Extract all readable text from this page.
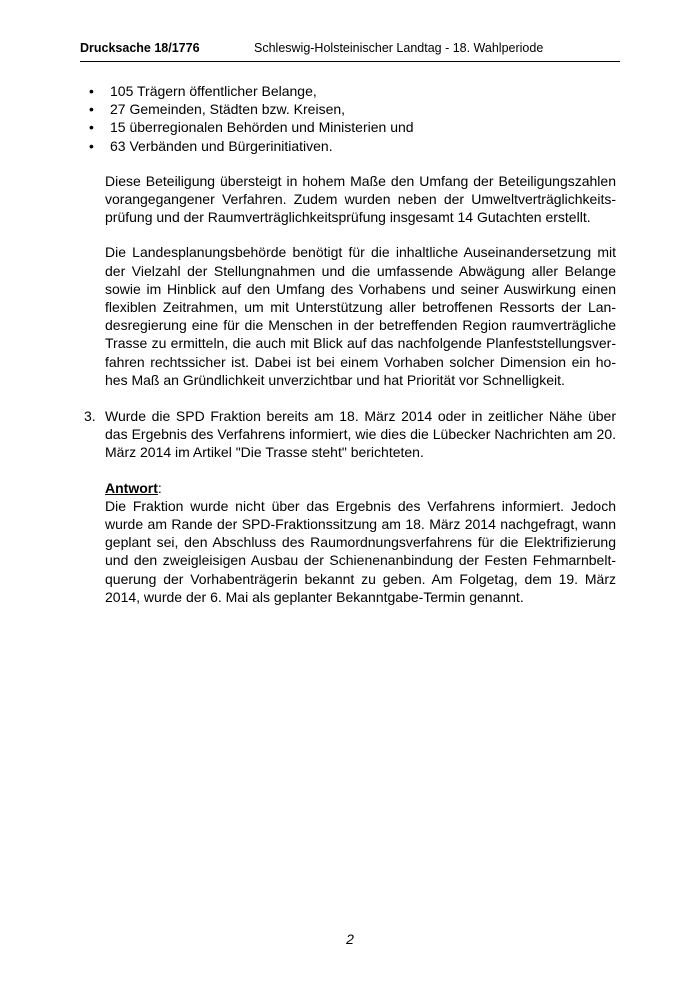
Drucksache 18/1776	Schleswig-Holsteinischer Landtag - 18. Wahlperiode
• 105 Trägern öffentlicher Belange,
• 27 Gemeinden, Städten bzw. Kreisen,
• 15 überregionalen Behörden und Ministerien und
• 63 Verbänden und Bürgerinitiativen.

Diese Beteiligung übersteigt in hohem Maße den Umfang der Beteiligungszahlen vorangegangener Verfahren. Zudem wurden neben der Umweltverträglichkeits- prüfung und der Raumverträglichkeitsprüfung insgesamt 14 Gutachten erstellt.

Die Landesplanungsbehörde benötigt für die inhaltliche Auseinandersetzung mit der Vielzahl der Stellungnahmen und die umfassende Abwägung aller Belange sowie im Hinblick auf den Umfang des Vorhabens und seiner Auswirkung einen flexiblen Zeitrahmen, um mit Unterstützung aller betroffenen Ressorts der Lan-desregierung eine für die Menschen in der betreffenden Region raumverträgliche Trasse zu ermitteln, die auch mit Blick auf das nachfolgende Planfeststellungsver-fahren rechtssicher ist. Dabei ist bei einem Vorhaben solcher Dimension ein ho-hes Maß an Gründlichkeit unverzichtbar und hat Priorität vor Schnelligkeit.

3. Wurde die SPD Fraktion bereits am 18. März 2014 oder in zeitlicher Nähe über das Ergebnis des Verfahrens informiert, wie dies die Lübecker Nachrichten am 20. März 2014 im Artikel "Die Trasse steht" berichteten.
Antwort:

Die Fraktion wurde nicht über das Ergebnis des Verfahrens informiert. Jedoch wurde am Rande der SPD-Fraktionssitzung am 18. März 2014 nachgefragt, wann geplant sei, den Abschluss des Raumordnungsverfahrens für die Elektrifizierung und den zweigleisigen Ausbau der Schienenanbindung der Festen Fehmarnbelt-querung der Vorhabenträgerin bekannt zu geben. Am Folgetag, dem 19. März 2014, wurde der 6. Mai als geplanter Bekanntgabe-Termin genannt.

2
